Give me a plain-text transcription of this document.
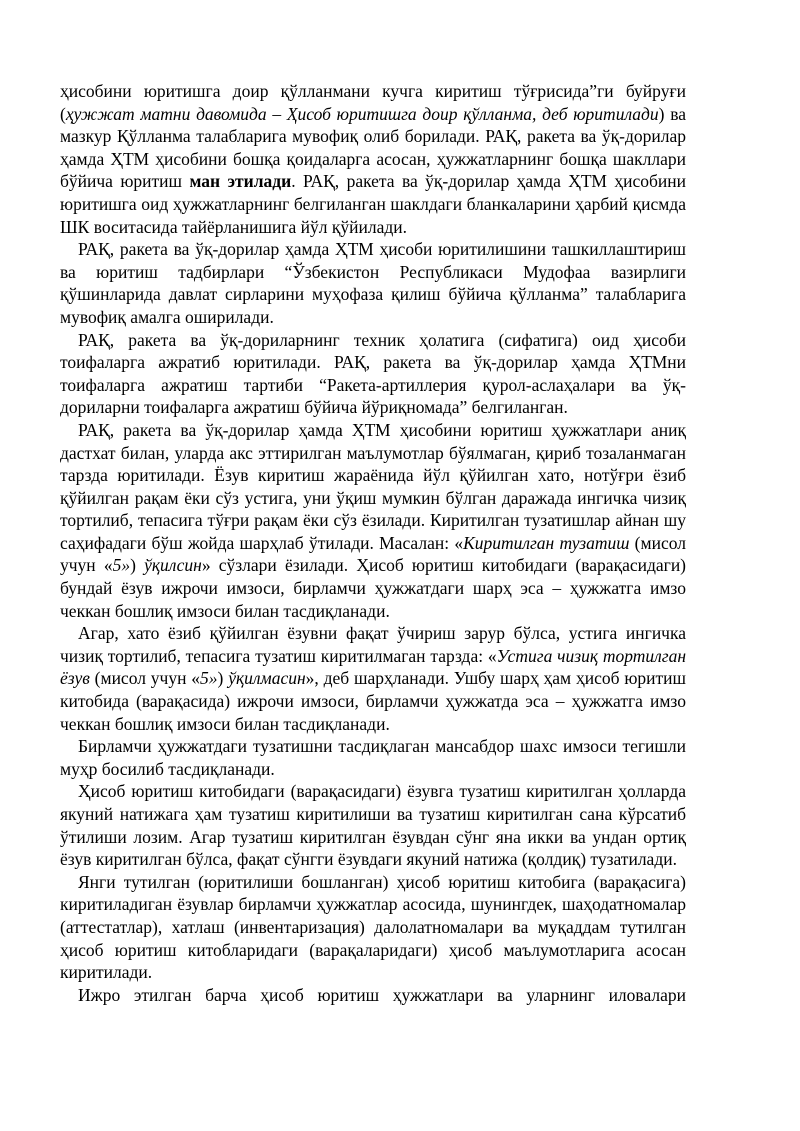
ҳисобини юритишга доир қўлланмани кучга киритиш тўғрисида”ги буйруғи (ҳужжат матни давомида – Ҳисоб юритишга доир қўлланма, деб юритилади) ва мазкур Қўлланма талабларига мувофиқ олиб борилади. РАҚ, ракета ва ўқ-дорилар ҳамда ҲТМ ҳисобини бошқа қоидаларга асосан, ҳужжатларнинг бошқа шакллари бўйича юритиш ман этилади. РАҚ, ракета ва ўқ-дорилар ҳамда ҲТМ ҳисобини юритишга оид ҳужжатларнинг белгиланган шаклдаги бланкаларини ҳарбий қисмда ШК воситасида тайёрланишига йўл қўйилади.

РАҚ, ракета ва ўқ-дорилар ҳамда ҲТМ ҳисоби юритилишини ташкиллаштириш ва юритиш тадбирлари “Ўзбекистон Республикаси Мудофаа вазирлиги қўшинларида давлат сирларини муҳофаза қилиш бўйича қўлланма” талабларига мувофиқ амалга оширилади.

РАҚ, ракета ва ўқ-дориларнинг техник ҳолатига (сифатига) оид ҳисоби тоифаларга ажратиб юритилади. РАҚ, ракета ва ўқ-дорилар ҳамда ҲТМни тоифаларга ажратиш тартиби “Ракета-артиллерия қурол-аслаҳалари ва ўқ-дориларни тоифаларга ажратиш бўйича йўриқномада” белгиланган.

РАҚ, ракета ва ўқ-дорилар ҳамда ҲТМ ҳисобини юритиш ҳужжатлари аниқ дастхат билан, уларда акс эттирилган маълумотлар бўялмаган, қириб тозаланмаган тарзда юритилади. Ёзув киритиш жараёнида йўл қўйилган хато, нотўғри ёзиб қўйилган рақам ёки сўз устига, уни ўқиш мумкин бўлган даражада ингичка чизиқ тортилиб, тепасига тўғри рақам ёки сўз ёзилади. Киритилган тузатишлар айнан шу саҳифадаги бўш жойда шарҳлаб ўтилади. Масалан: «Киритилган тузатиш (мисол учун «5») ўқилсин» сўзлари ёзилади. Ҳисоб юритиш китобидаги (варақасидаги) бундай ёзув ижрочи имзоси, бирламчи ҳужжатдаги шарҳ эса – ҳужжатга имзо чеккан бошлиқ имзоси билан тасдиқланади.

Агар, хато ёзиб қўйилган ёзувни фақат ўчириш зарур бўлса, устига ингичка чизиқ тортилиб, тепасига тузатиш киритилмаган тарзда: «Устига чизиқ тортилган ёзув (мисол учун «5») ўқилмасин», деб шарҳланади. Ушбу шарҳ ҳам ҳисоб юритиш китобида (варақасида) ижрочи имзоси, бирламчи ҳужжатда эса – ҳужжатга имзо чеккан бошлиқ имзоси билан тасдиқланади.

Бирламчи ҳужжатдаги тузатишни тасдиқлаган мансабдор шахс имзоси тегишли муҳр босилиб тасдиқланади.

Ҳисоб юритиш китобидаги (варақасидаги) ёзувга тузатиш киритилган ҳолларда якуний натижага ҳам тузатиш киритилиши ва тузатиш киритилган сана кўрсатиб ўтилиши лозим. Агар тузатиш киритилган ёзувдан сўнг яна икки ва ундан ортиқ ёзув киритилган бўлса, фақат сўнгги ёзувдаги якуний натижа (қолдиқ) тузатилади.

Янги тутилган (юритилиши бошланган) ҳисоб юритиш китобига (варақасига) киритиладиган ёзувлар бирламчи ҳужжатлар асосида, шунингдек, шаҳодатномалар (аттестатлар), хатлаш (инвентаризация) далолатномалари ва муқаддам тутилган ҳисоб юритиш китобларидаги (варақаларидаги) ҳисоб маълумотларига асосан киритилади.

Ижро этилган барча ҳисоб юритиш ҳужжатлари ва уларнинг иловалари
